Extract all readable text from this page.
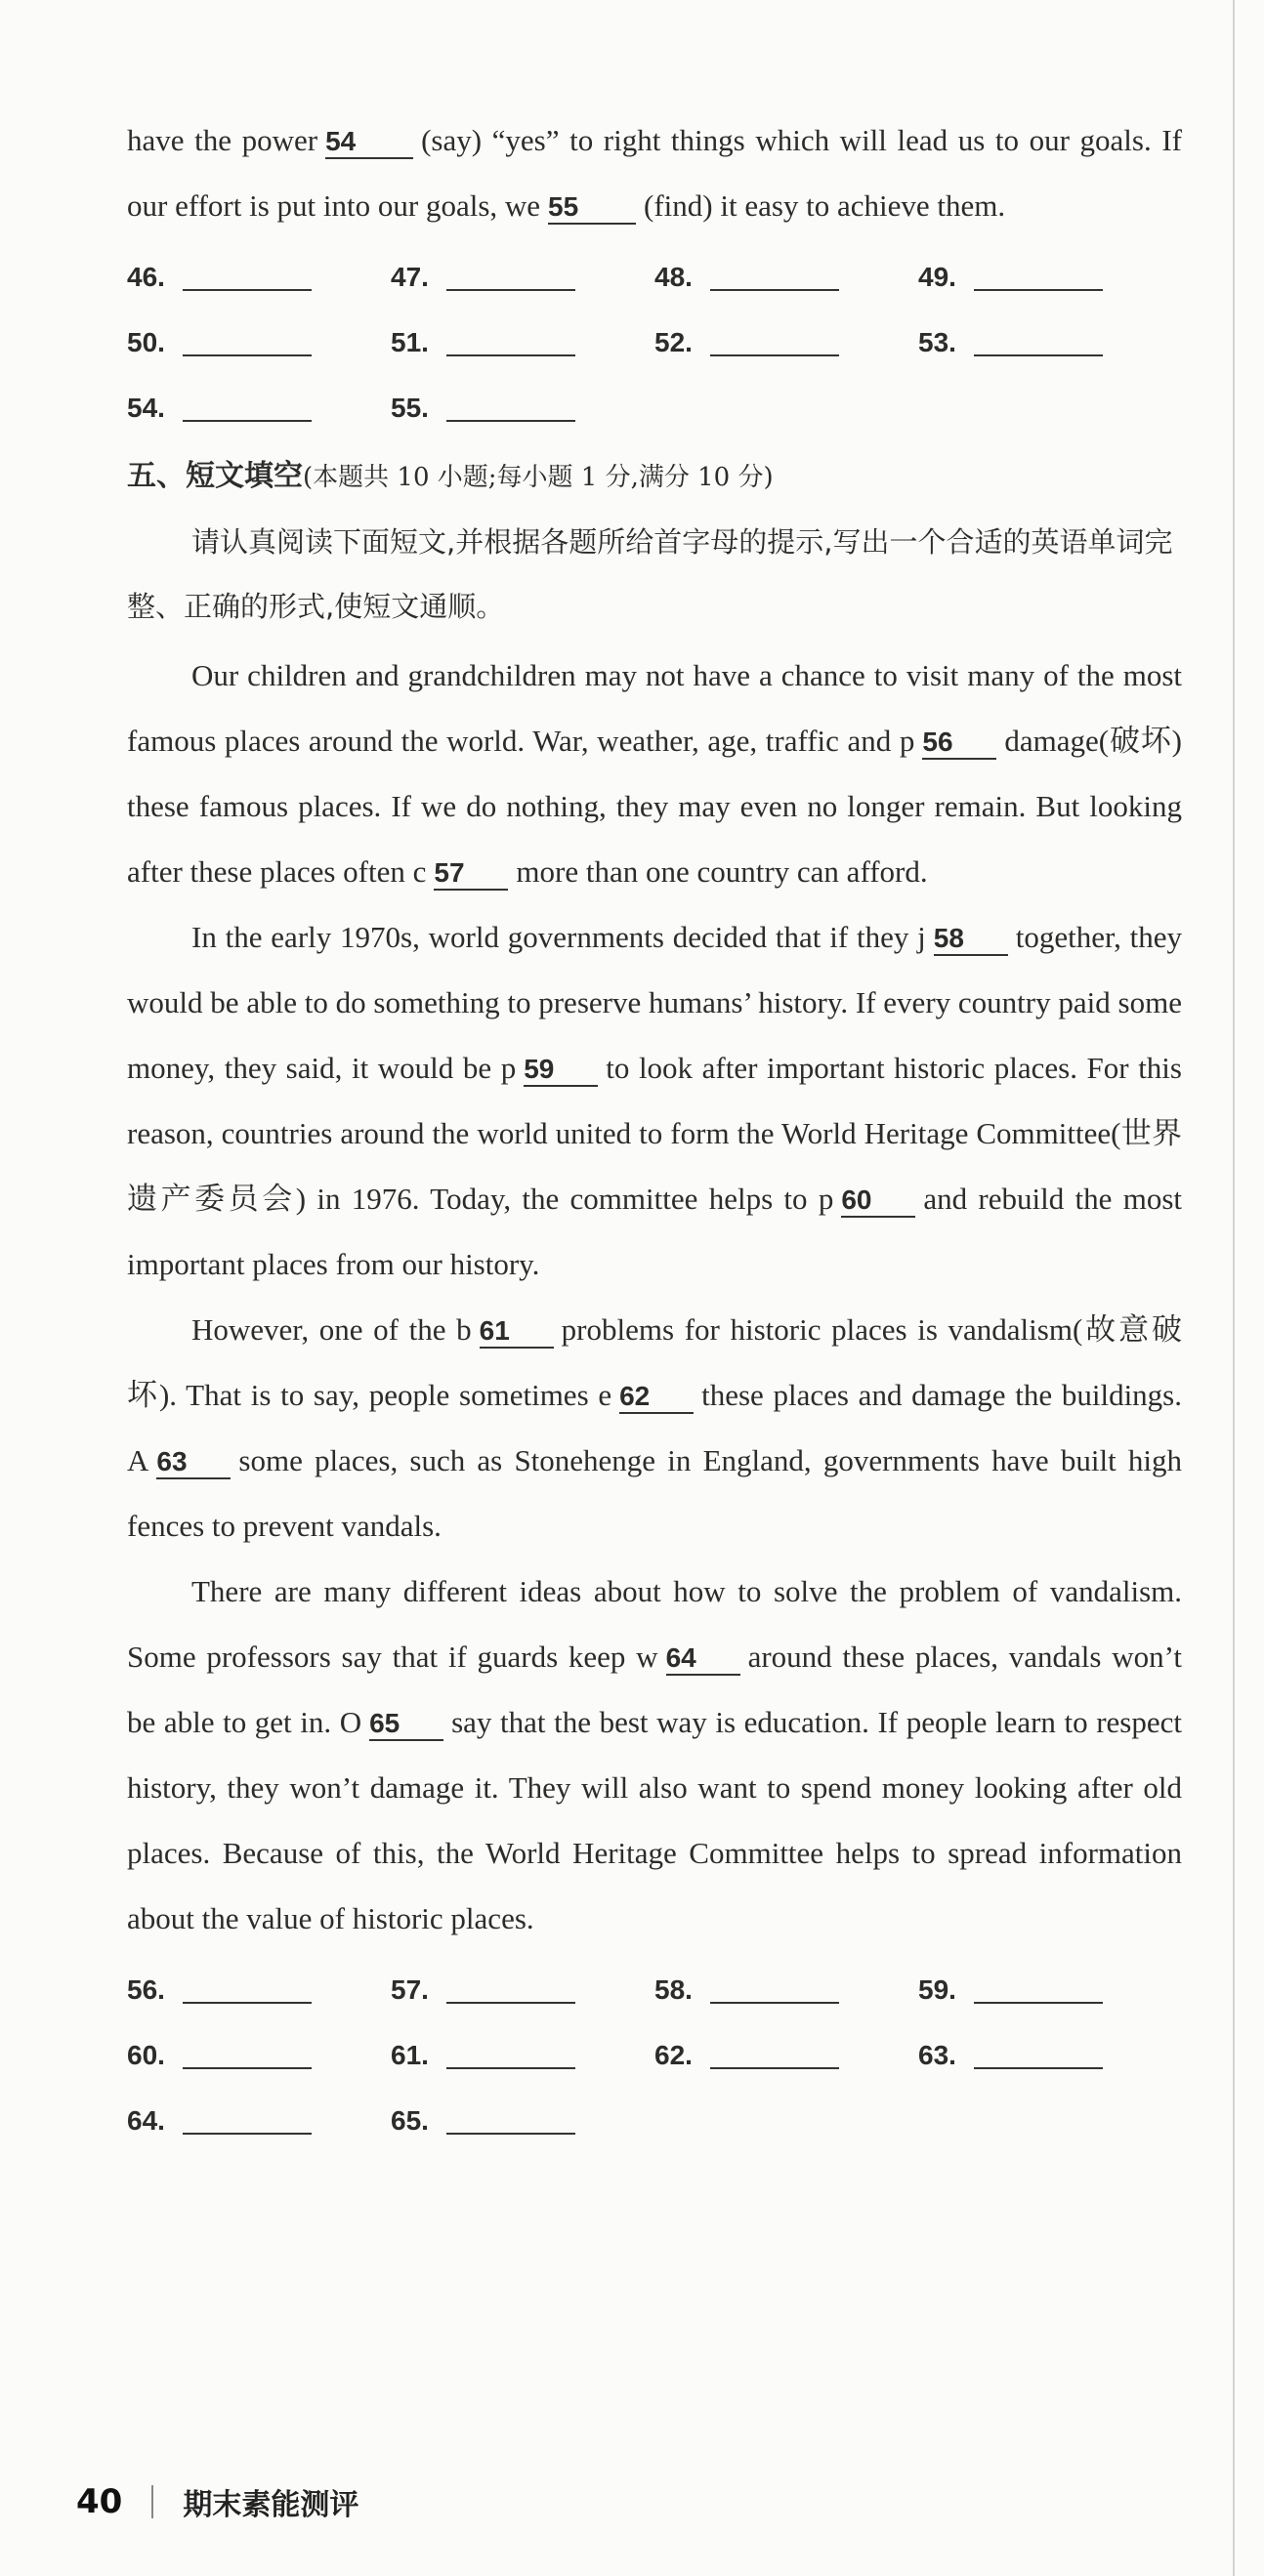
have the power 54 (say) “yes” to right things which will lead us to our goals. If our effort is put into our goals, we 55 (find) it easy to achieve them.

46.	47.	48.	49.
50.	51.	52.	53.
54.	55.

五、短文填空(本题共 10 小题;每小题 1 分,满分 10 分)

请认真阅读下面短文,并根据各题所给首字母的提示,写出一个合适的英语单词完整、正确的形式,使短文通顺。

Our children and grandchildren may not have a chance to visit many of the most famous places around the world. War, weather, age, traffic and p 56 damage(破坏) these famous places. If we do nothing, they may even no longer remain. But looking after these places often c 57 more than one country can afford.

In the early 1970s, world governments decided that if they j 58 together, they would be able to do something to preserve humans’ history. If every country paid some money, they said, it would be p 59 to look after important historic places. For this reason, countries around the world united to form the World Heritage Committee(世界遗产委员会) in 1976. Today, the committee helps to p 60 and rebuild the most important places from our history.

However, one of the b 61 problems for historic places is vandalism(故意破坏). That is to say, people sometimes e 62 these places and damage the buildings. A 63 some places, such as Stonehenge in England, governments have built high fences to prevent vandals.

There are many different ideas about how to solve the problem of vandalism. Some professors say that if guards keep w 64 around these places, vandals won’t be able to get in. O 65 say that the best way is education. If people learn to respect history, they won’t damage it. They will also want to spend money looking after old places. Because of this, the World Heritage Committee helps to spread information about the value of historic places.

56.	57.	58.	59.
60.	61.	62.	63.
64.	65.
40 期末素能测评
